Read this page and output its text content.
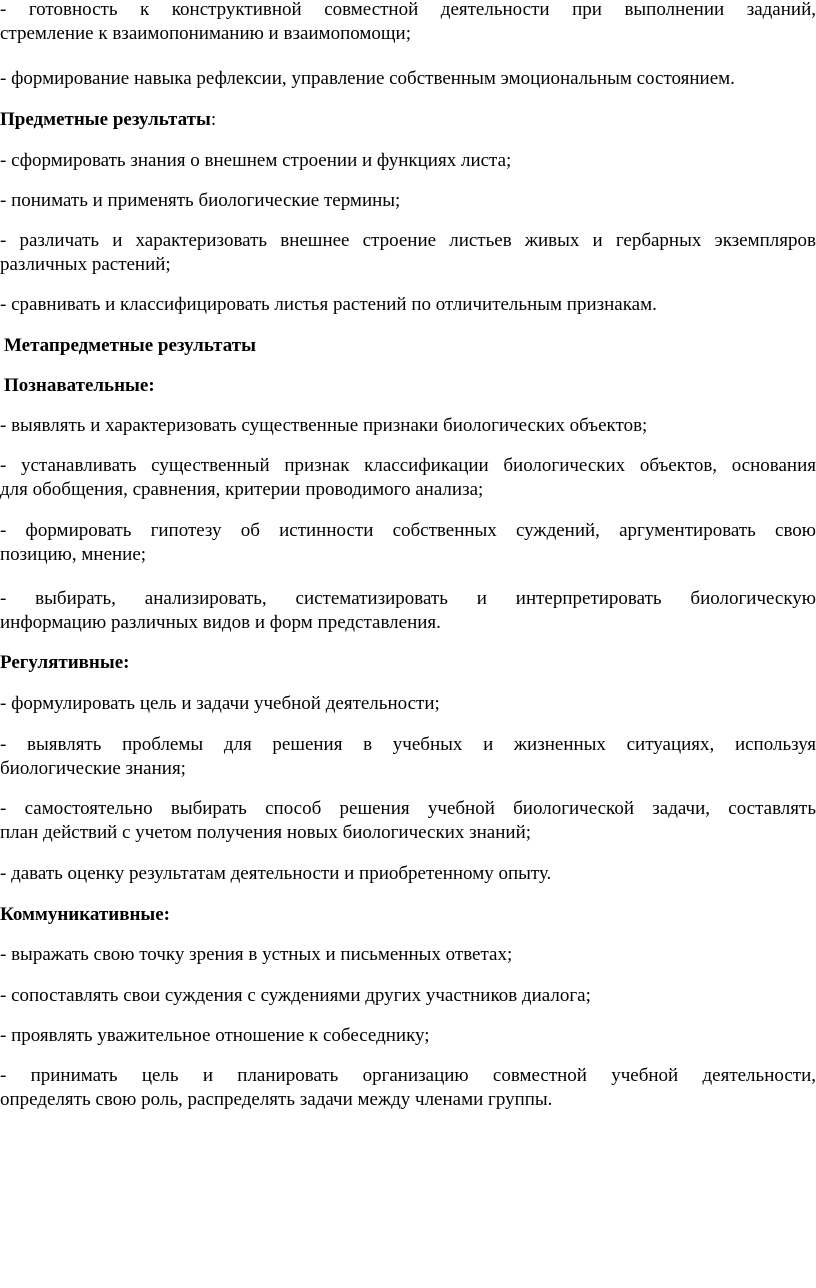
- готовность к конструктивной совместной деятельности при выполнении заданий,

стремление к взаимопониманию и взаимопомощи;

- формирование навыка рефлексии, управление собственным эмоциональным состоянием.

Предметные результаты:

- сформировать знания о внешнем строении и функциях листа;

- понимать и применять биологические термины;

- различать и характеризовать внешнее строение листьев живых и гербарных экземпляров

различных растений;

- сравнивать и классифицировать листья растений по отличительным признакам.

Метапредметные результаты

Познавательные:

- выявлять и характеризовать существенные признаки биологических объектов;

- устанавливать существенный признак классификации биологических объектов, основания

для обобщения, сравнения, критерии проводимого анализа;

- формировать гипотезу об истинности собственных суждений, аргументировать свою

позицию, мнение;

- выбирать, анализировать, систематизировать и интерпретировать биологическую

информацию различных видов и форм представления.

Регулятивные:

- формулировать цель и задачи учебной деятельности;

- выявлять проблемы для решения в учебных и жизненных ситуациях, используя

биологические знания;

- самостоятельно выбирать способ решения учебной биологической задачи, составлять

план действий с учетом получения новых биологических знаний;

- давать оценку результатам деятельности и приобретенному опыту.

Коммуникативные:

- выражать свою точку зрения в устных и письменных ответах;

- сопоставлять свои суждения с суждениями других участников диалога;

- проявлять уважительное отношение к собеседнику;

- принимать цель и планировать организацию совместной учебной деятельности,

определять свою роль, распределять задачи между членами группы.
